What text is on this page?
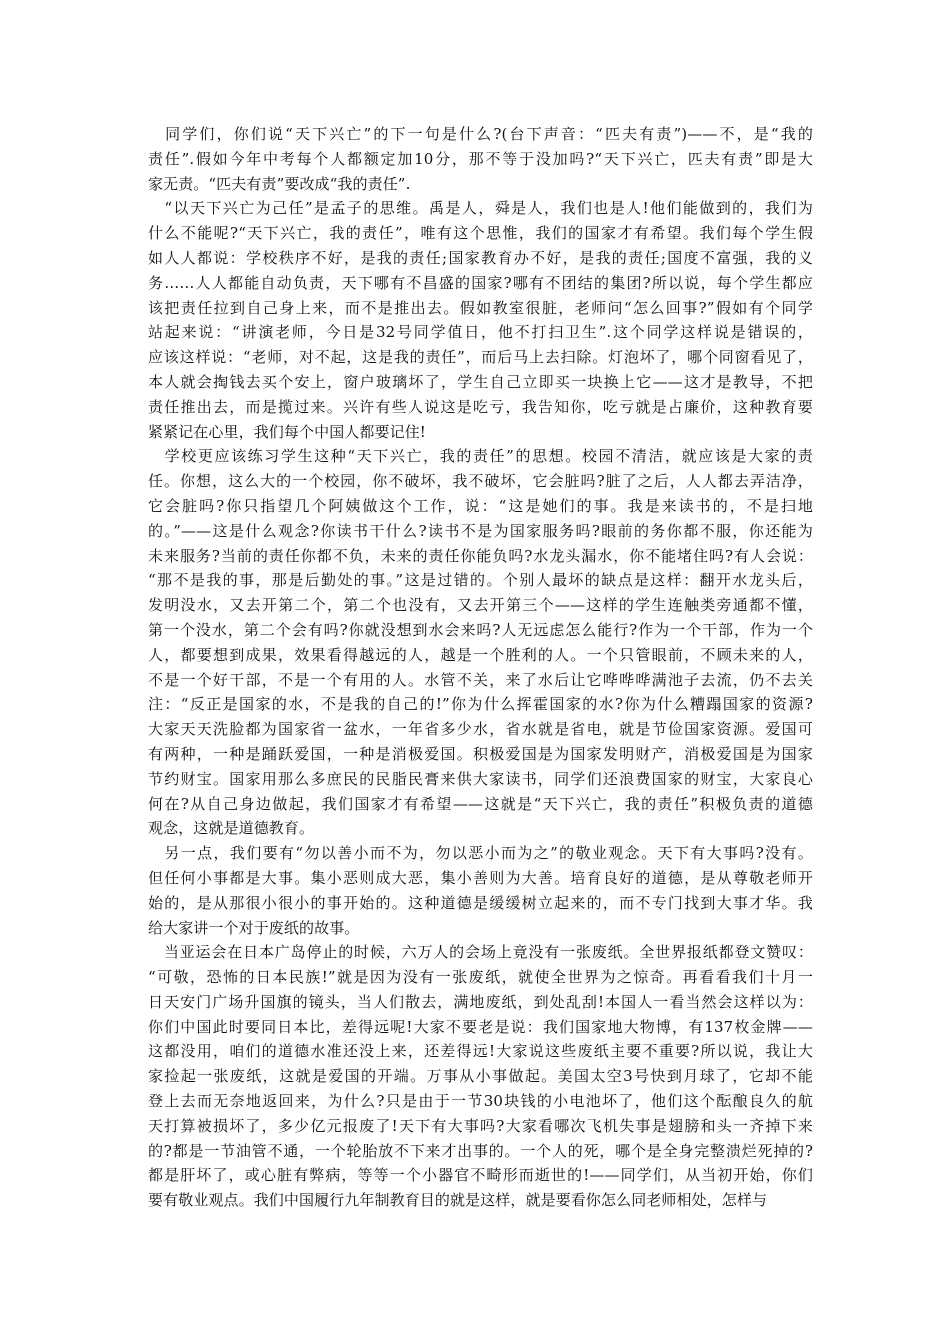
　同学们，你们说“天下兴亡”的下一句是什么?(台下声音：“匹夫有责”)——不，是“我的
责任”.假如今年中考每个人都额定加10分，那不等于没加吗?“天下兴亡，匹夫有责”即是大
家无责。“匹夫有责”要改成“我的责任”.
　“以天下兴亡为己任”是孟子的思维。禹是人，舜是人，我们也是人!他们能做到的，我们为
什么不能呢?“天下兴亡，我的责任”，唯有这个思惟，我们的国家才有希望。我们每个学生假
如人人都说：学校秩序不好，是我的责任;国家教育办不好，是我的责任;国度不富强，我的义
务……人人都能自动负责，天下哪有不昌盛的国家?哪有不团结的集团?所以说，每个学生都应
该把责任拉到自己身上来，而不是推出去。假如教室很脏，老师问“怎么回事?”假如有个同学
站起来说：“讲演老师，今日是32号同学值日，他不打扫卫生”.这个同学这样说是错误的，
应该这样说：“老师，对不起，这是我的责任”，而后马上去扫除。灯泡坏了，哪个同窗看见了，
本人就会掏钱去买个安上，窗户玻璃坏了，学生自己立即买一块换上它——这才是教导，不把
责任推出去，而是揽过来。兴许有些人说这是吃亏，我告知你，吃亏就是占廉价，这种教育要
紧紧记在心里，我们每个中国人都要记住!
　学校更应该练习学生这种“天下兴亡，我的责任”的思想。校园不清洁，就应该是大家的责
任。你想，这么大的一个校园，你不破坏，我不破坏，它会脏吗?脏了之后，人人都去弄洁净，
它会脏吗?你只指望几个阿姨做这个工作，说：“这是她们的事。我是来读书的，不是扫地
的。”——这是什么观念?你读书干什么?读书不是为国家服务吗?眼前的务你都不服，你还能为
未来服务?当前的责任你都不负，未来的责任你能负吗?水龙头漏水，你不能堵住吗?有人会说：
“那不是我的事，那是后勤处的事。”这是过错的。个别人最坏的缺点是这样：翻开水龙头后，
发明没水，又去开第二个，第二个也没有，又去开第三个——这样的学生连触类旁通都不懂，
第一个没水，第二个会有吗?你就没想到水会来吗?人无远虑怎么能行?作为一个干部，作为一个
人，都要想到成果，效果看得越远的人，越是一个胜利的人。一个只管眼前，不顾未来的人，
不是一个好干部，不是一个有用的人。水管不关，来了水后让它哗哗哗满池子去流，仍不去关
注：“反正是国家的水，不是我的自己的!”你为什么挥霍国家的水?你为什么糟蹋国家的资源?
大家天天洗脸都为国家省一盆水，一年省多少水，省水就是省电，就是节俭国家资源。爱国可
有两种，一种是踊跃爱国，一种是消极爱国。积极爱国是为国家发明财产，消极爱国是为国家
节约财宝。国家用那么多庶民的民脂民膏来供大家读书，同学们还浪费国家的财宝，大家良心
何在?从自己身边做起，我们国家才有希望——这就是“天下兴亡，我的责任”积极负责的道德
观念，这就是道德教育。
　另一点，我们要有“勿以善小而不为，勿以恶小而为之”的敬业观念。天下有大事吗?没有。
但任何小事都是大事。集小恶则成大恶，集小善则为大善。培育良好的道德，是从尊敬老师开
始的，是从那很小很小的事开始的。这种道德是缓缓树立起来的，而不专门找到大事才华。我
给大家讲一个对于废纸的故事。
　当亚运会在日本广岛停止的时候，六万人的会场上竟没有一张废纸。全世界报纸都登文赞叹：
“可敬，恐怖的日本民族!”就是因为没有一张废纸，就使全世界为之惊奇。再看看我们十月一
日天安门广场升国旗的镜头，当人们散去，满地废纸，到处乱刮!本国人一看当然会这样以为：
你们中国此时要同日本比，差得远呢!大家不要老是说：我们国家地大物博，有137枚金牌——
这都没用，咱们的道德水准还没上来，还差得远!大家说这些废纸主要不重要?所以说，我让大
家捡起一张废纸，这就是爱国的开端。万事从小事做起。美国太空3号快到月球了，它却不能
登上去而无奈地返回来，为什么?只是由于一节30块钱的小电池坏了，他们这个酝酿良久的航
天打算被损坏了，多少亿元报废了!天下有大事吗?大家看哪次飞机失事是翅膀和头一齐掉下来
的?都是一节油管不通，一个轮胎放不下来才出事的。一个人的死，哪个是全身完整溃烂死掉的?
都是肝坏了，或心脏有弊病，等等一个小器官不畸形而逝世的!——同学们，从当初开始，你们
要有敬业观点。我们中国履行九年制教育目的就是这样，就是要看你怎么同老师相处，怎样与
